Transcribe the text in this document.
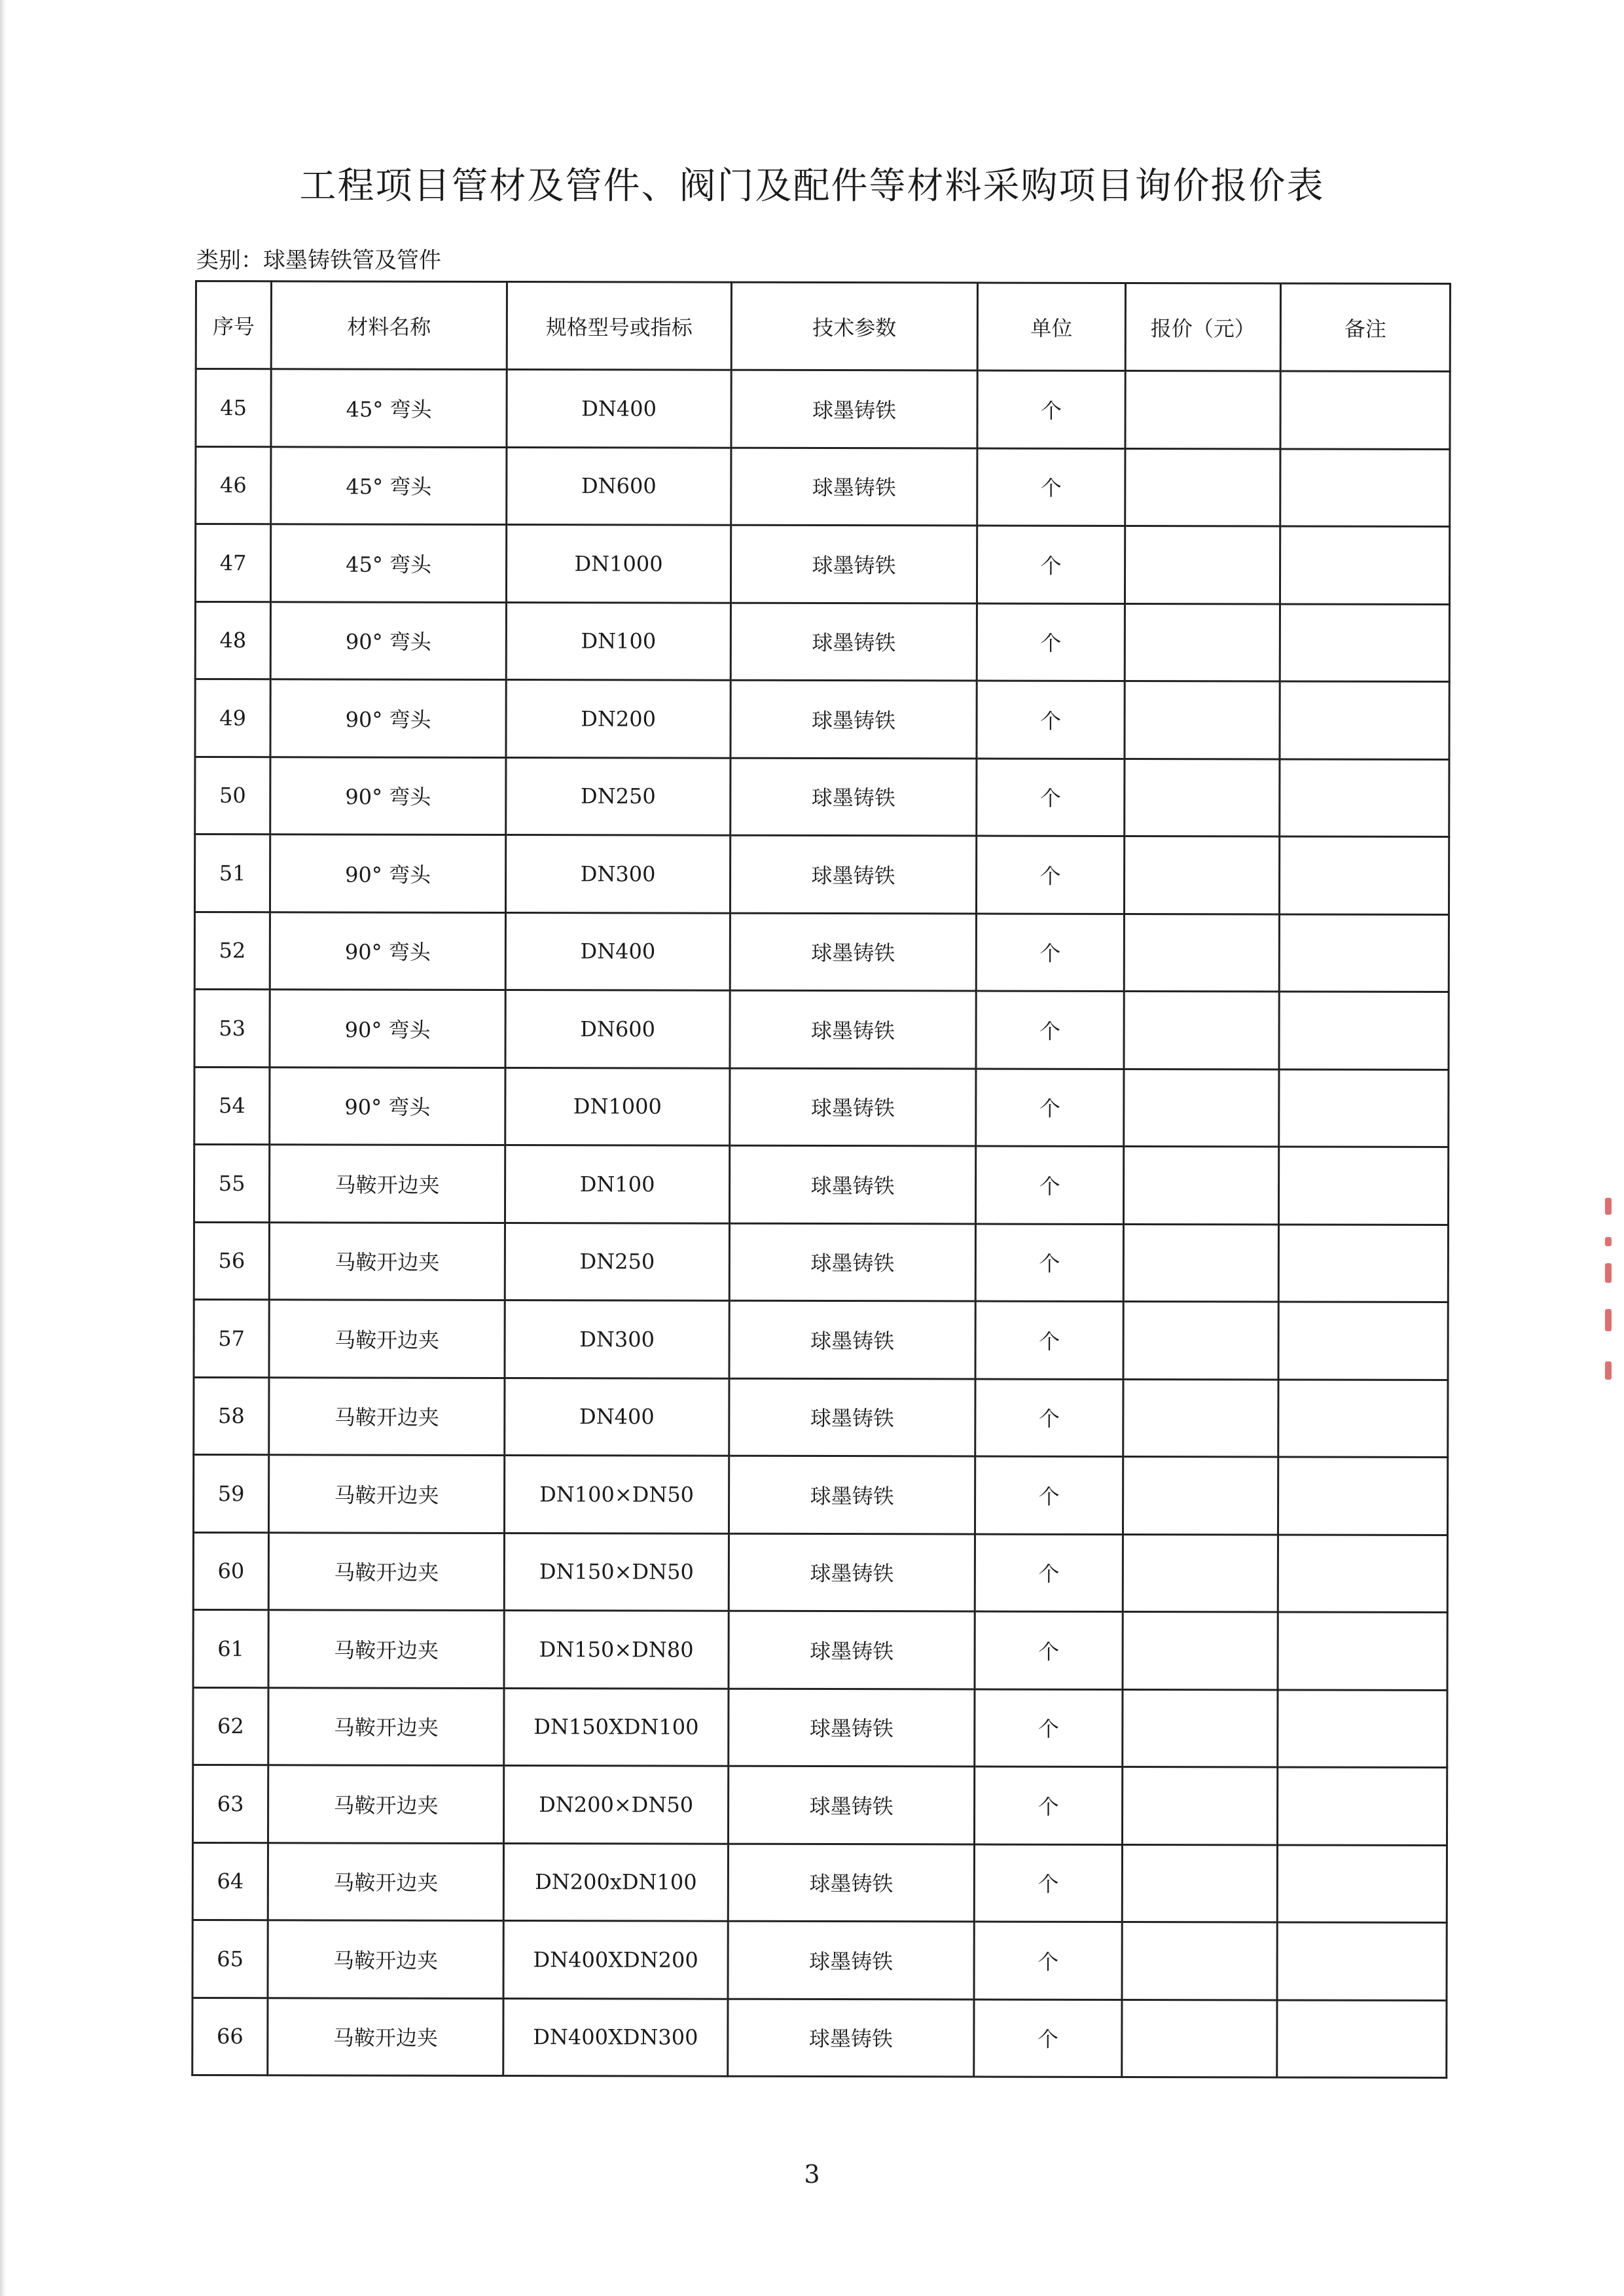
工程项目管材及管件、阀门及配件等材料采购项目询价报价表
类别：球墨铸铁管及管件
序号	材料名称	规格型号或指标	技术参数	单位	报价（元）	备注
45	45° 弯头	DN400	球墨铸铁	个		
46	45° 弯头	DN600	球墨铸铁	个		
47	45° 弯头	DN1000	球墨铸铁	个		
48	90° 弯头	DN100	球墨铸铁	个		
49	90° 弯头	DN200	球墨铸铁	个		
50	90° 弯头	DN250	球墨铸铁	个		
51	90° 弯头	DN300	球墨铸铁	个		
52	90° 弯头	DN400	球墨铸铁	个		
53	90° 弯头	DN600	球墨铸铁	个		
54	90° 弯头	DN1000	球墨铸铁	个		
55	马鞍开边夹	DN100	球墨铸铁	个		
56	马鞍开边夹	DN250	球墨铸铁	个		
57	马鞍开边夹	DN300	球墨铸铁	个		
58	马鞍开边夹	DN400	球墨铸铁	个		
59	马鞍开边夹	DN100×DN50	球墨铸铁	个		
60	马鞍开边夹	DN150×DN50	球墨铸铁	个		
61	马鞍开边夹	DN150×DN80	球墨铸铁	个		
62	马鞍开边夹	DN150XDN100	球墨铸铁	个		
63	马鞍开边夹	DN200×DN50	球墨铸铁	个		
64	马鞍开边夹	DN200xDN100	球墨铸铁	个		
65	马鞍开边夹	DN400XDN200	球墨铸铁	个		
66	马鞍开边夹	DN400XDN300	球墨铸铁	个		
3
